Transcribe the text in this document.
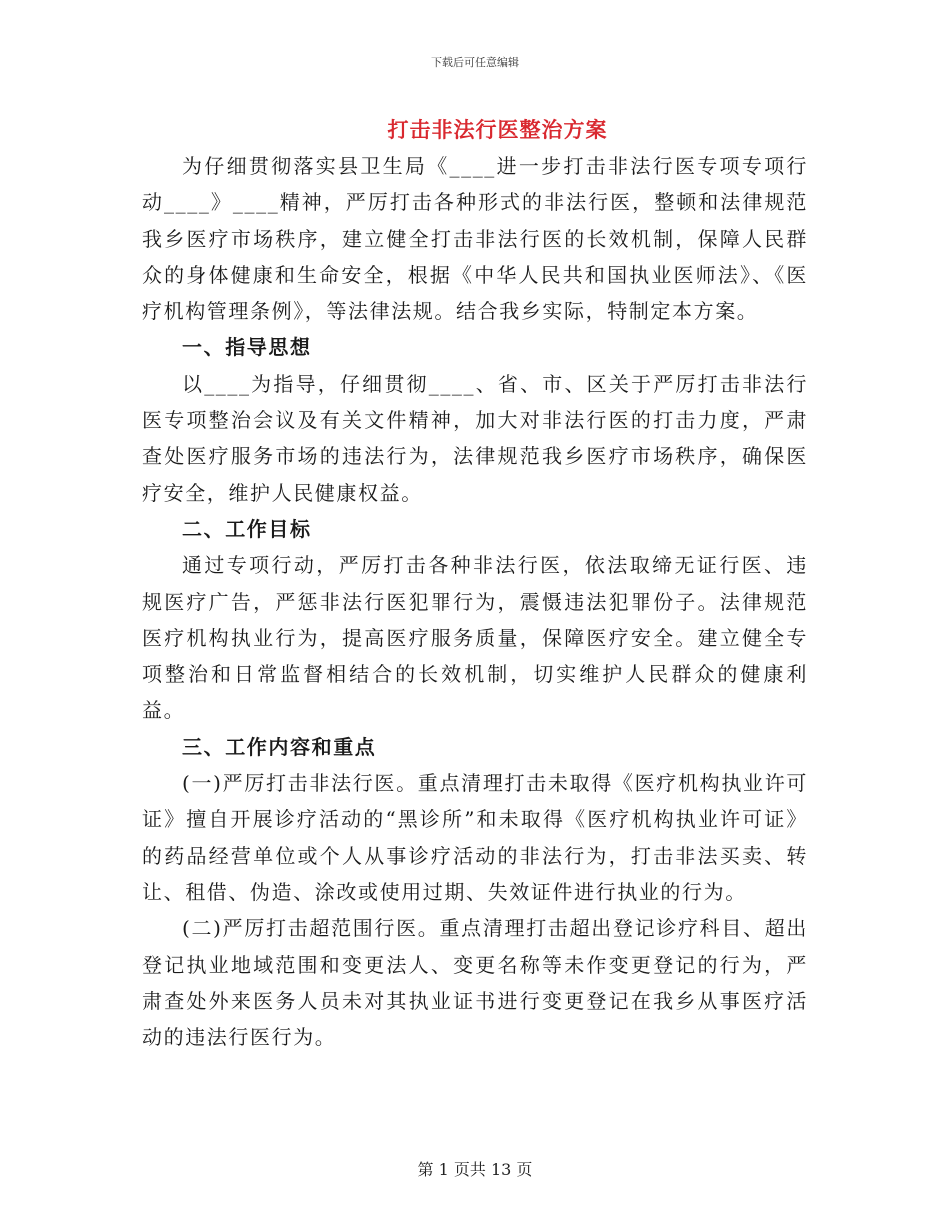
下载后可任意编辑
打击非法行医整治方案

为仔细贯彻落实县卫生局《____进一步打击非法行医专项专项行动____》____精神，严厉打击各种形式的非法行医，整顿和法律规范我乡医疗市场秩序，建立健全打击非法行医的长效机制，保障人民群众的身体健康和生命安全，根据《中华人民共和国执业医师法》、《医疗机构管理条例》，等法律法规。结合我乡实际，特制定本方案。

一、指导思想

以____为指导，仔细贯彻____、省、市、区关于严厉打击非法行医专项整治会议及有关文件精神，加大对非法行医的打击力度，严肃查处医疗服务市场的违法行为，法律规范我乡医疗市场秩序，确保医疗安全，维护人民健康权益。

二、工作目标

通过专项行动，严厉打击各种非法行医，依法取缔无证行医、违规医疗广告，严惩非法行医犯罪行为，震慑违法犯罪份子。法律规范医疗机构执业行为，提高医疗服务质量，保障医疗安全。建立健全专项整治和日常监督相结合的长效机制，切实维护人民群众的健康利益。

三、工作内容和重点

(一)严厉打击非法行医。重点清理打击未取得《医疗机构执业许可证》擅自开展诊疗活动的“黑诊所”和未取得《医疗机构执业许可证》的药品经营单位或个人从事诊疗活动的非法行为，打击非法买卖、转让、租借、伪造、涂改或使用过期、失效证件进行执业的行为。

(二)严厉打击超范围行医。重点清理打击超出登记诊疗科目、超出登记执业地域范围和变更法人、变更名称等未作变更登记的行为，严肃查处外来医务人员未对其执业证书进行变更登记在我乡从事医疗活动的违法行医行为。

第 1 页共 13 页
